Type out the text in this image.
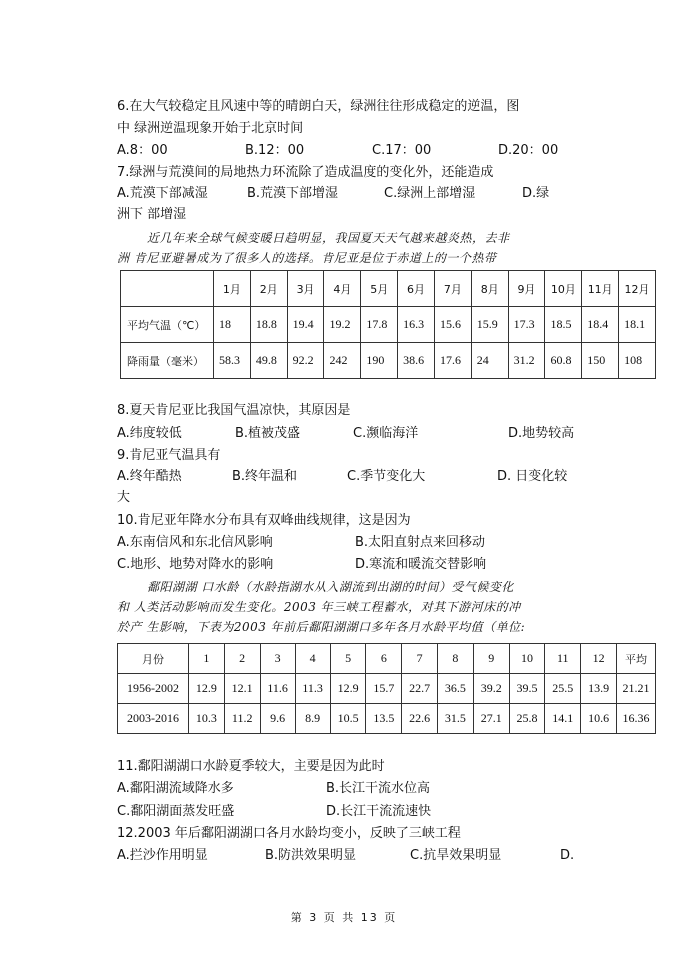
6.在大气较稳定且风速中等的晴朗白天，绿洲往往形成稳定的逆温，图
中 绿洲逆温现象开始于北京时间
A.8：00	B.12：00	C.17：00	D.20：00
7.绿洲与荒漠间的局地热力环流除了造成温度的变化外，还能造成
A.荒漠下部减湿	B.荒漠下部增湿	C.绿洲上部增湿	D.绿
洲下 部增湿
近几年来全球气候变暖日趋明显，我国夏天天气越来越炎热，去非
洲 肯尼亚避暑成为了很多人的选择。肯尼亚是位于赤道上的一个热带
	1月	2月	3月	4月	5月	6月	7月	8月	9月	10月	11月	12月
平均气温（℃）	18	18.8	19.4	19.2	17.8	16.3	15.6	15.9	17.3	18.5	18.4	18.1
降雨量（毫米）	58.3	49.8	92.2	242	190	38.6	17.6	24	31.2	60.8	150	108
8.夏天肯尼亚比我国气温凉快，其原因是
A.纬度较低	B.植被茂盛	C.濒临海洋	D.地势较高
9.肯尼亚气温具有
A.终年酷热	B.终年温和	C.季节变化大	D. 日变化较
大
10.肯尼亚年降水分布具有双峰曲线规律，这是因为
A.东南信风和东北信风影响	B.太阳直射点来回移动
C.地形、地势对降水的影响	D.寒流和暖流交替影响
鄱阳湖湖 口水龄（水龄指湖水从入湖流到出湖的时间）受气候变化
和 人类活动影响而发生变化。2003 年三峡工程蓄水，对其下游河床的冲
於产 生影响，下表为2003 年前后鄱阳湖湖口多年各月水龄平均值（单位:
月份	1	2	3	4	5	6	7	8	9	10	11	12	平均
1956-2002	12.9	12.1	11.6	11.3	12.9	15.7	22.7	36.5	39.2	39.5	25.5	13.9	21.21
2003-2016	10.3	11.2	9.6	8.9	10.5	13.5	22.6	31.5	27.1	25.8	14.1	10.6	16.36
11.鄱阳湖湖口水龄夏季较大，主要是因为此时
A.鄱阳湖流域降水多	B.长江干流水位高
C.鄱阳湖面蒸发旺盛	D.长江干流流速快
12.2003 年后鄱阳湖湖口各月水龄均变小，反映了三峡工程
A.拦沙作用明显	B.防洪效果明显	C.抗旱效果明显	D.
第 3 页 共 13 页
